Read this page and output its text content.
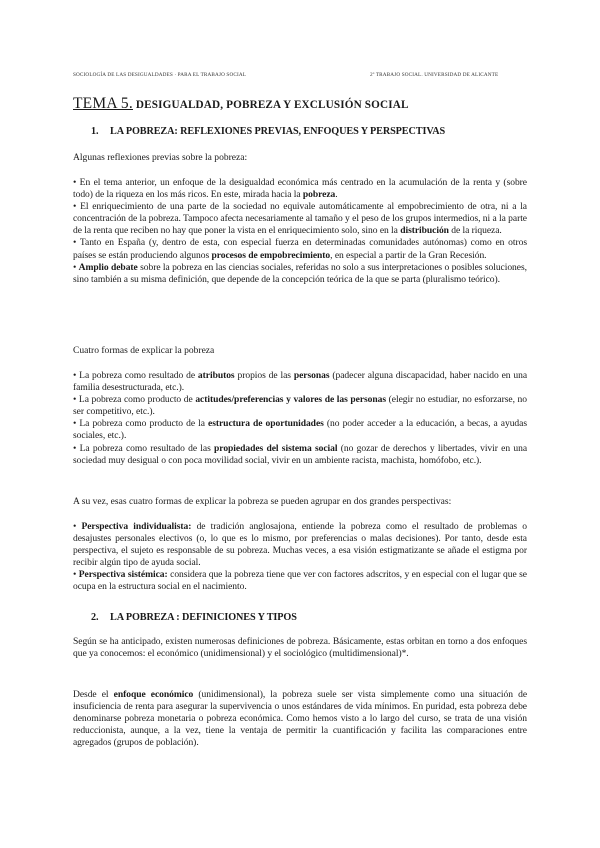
SOCIOLOGÍA DE LAS DESIGUALDADES · PARA EL TRABAJO SOCIAL	2º TRABAJO SOCIAL. UNIVERSIDAD DE ALICANTE
TEMA 5. DESIGUALDAD, POBREZA Y EXCLUSIÓN SOCIAL
1. LA POBREZA: REFLEXIONES PREVIAS, ENFOQUES Y PERSPECTIVAS
Algunas reflexiones previas sobre la pobreza:
• En el tema anterior, un enfoque de la desigualdad económica más centrado en la acumulación de la renta y (sobre todo) de la riqueza en los más ricos. En este, mirada hacia la pobreza.
• El enriquecimiento de una parte de la sociedad no equivale automáticamente al empobrecimiento de otra, ni a la concentración de la pobreza. Tampoco afecta necesariamente al tamaño y el peso de los grupos intermedios, ni a la parte de la renta que reciben no hay que poner la vista en el enriquecimiento solo, sino en la distribución de la riqueza.
• Tanto en España (y, dentro de esta, con especial fuerza en determinadas comunidades autónomas) como en otros países se están produciendo algunos procesos de empobrecimiento, en especial a partir de la Gran Recesión.
• Amplio debate sobre la pobreza en las ciencias sociales, referidas no solo a sus interpretaciones o posibles soluciones, sino también a su misma definición, que depende de la concepción teórica de la que se parta (pluralismo teórico).
Cuatro formas de explicar la pobreza
• La pobreza como resultado de atributos propios de las personas (padecer alguna discapacidad, haber nacido en una familia desestructurada, etc.).
• La pobreza como producto de actitudes/preferencias y valores de las personas (elegir no estudiar, no esforzarse, no ser competitivo, etc.).
• La pobreza como producto de la estructura de oportunidades (no poder acceder a la educación, a becas, a ayudas sociales, etc.).
• La pobreza como resultado de las propiedades del sistema social (no gozar de derechos y libertades, vivir en una sociedad muy desigual o con poca movilidad social, vivir en un ambiente racista, machista, homófobo, etc.).
A su vez, esas cuatro formas de explicar la pobreza se pueden agrupar en dos grandes perspectivas:
• Perspectiva individualista: de tradición anglosajona, entiende la pobreza como el resultado de problemas o desajustes personales electivos (o, lo que es lo mismo, por preferencias o malas decisiones). Por tanto, desde esta perspectiva, el sujeto es responsable de su pobreza. Muchas veces, a esa visión estigmatizante se añade el estigma por recibir algún tipo de ayuda social.
• Perspectiva sistémica: considera que la pobreza tiene que ver con factores adscritos, y en especial con el lugar que se ocupa en la estructura social en el nacimiento.
2. LA POBREZA : DEFINICIONES Y TIPOS
Según se ha anticipado, existen numerosas definiciones de pobreza. Básicamente, estas orbitan en torno a dos enfoques que ya conocemos: el económico (unidimensional) y el sociológico (multidimensional)*.
Desde el enfoque económico (unidimensional), la pobreza suele ser vista simplemente como una situación de insuficiencia de renta para asegurar la supervivencia o unos estándares de vida mínimos. En puridad, esta pobreza debe denominarse pobreza monetaria o pobreza económica. Como hemos visto a lo largo del curso, se trata de una visión reduccionista, aunque, a la vez, tiene la ventaja de permitir la cuantificación y facilita las comparaciones entre agregados (grupos de población).
